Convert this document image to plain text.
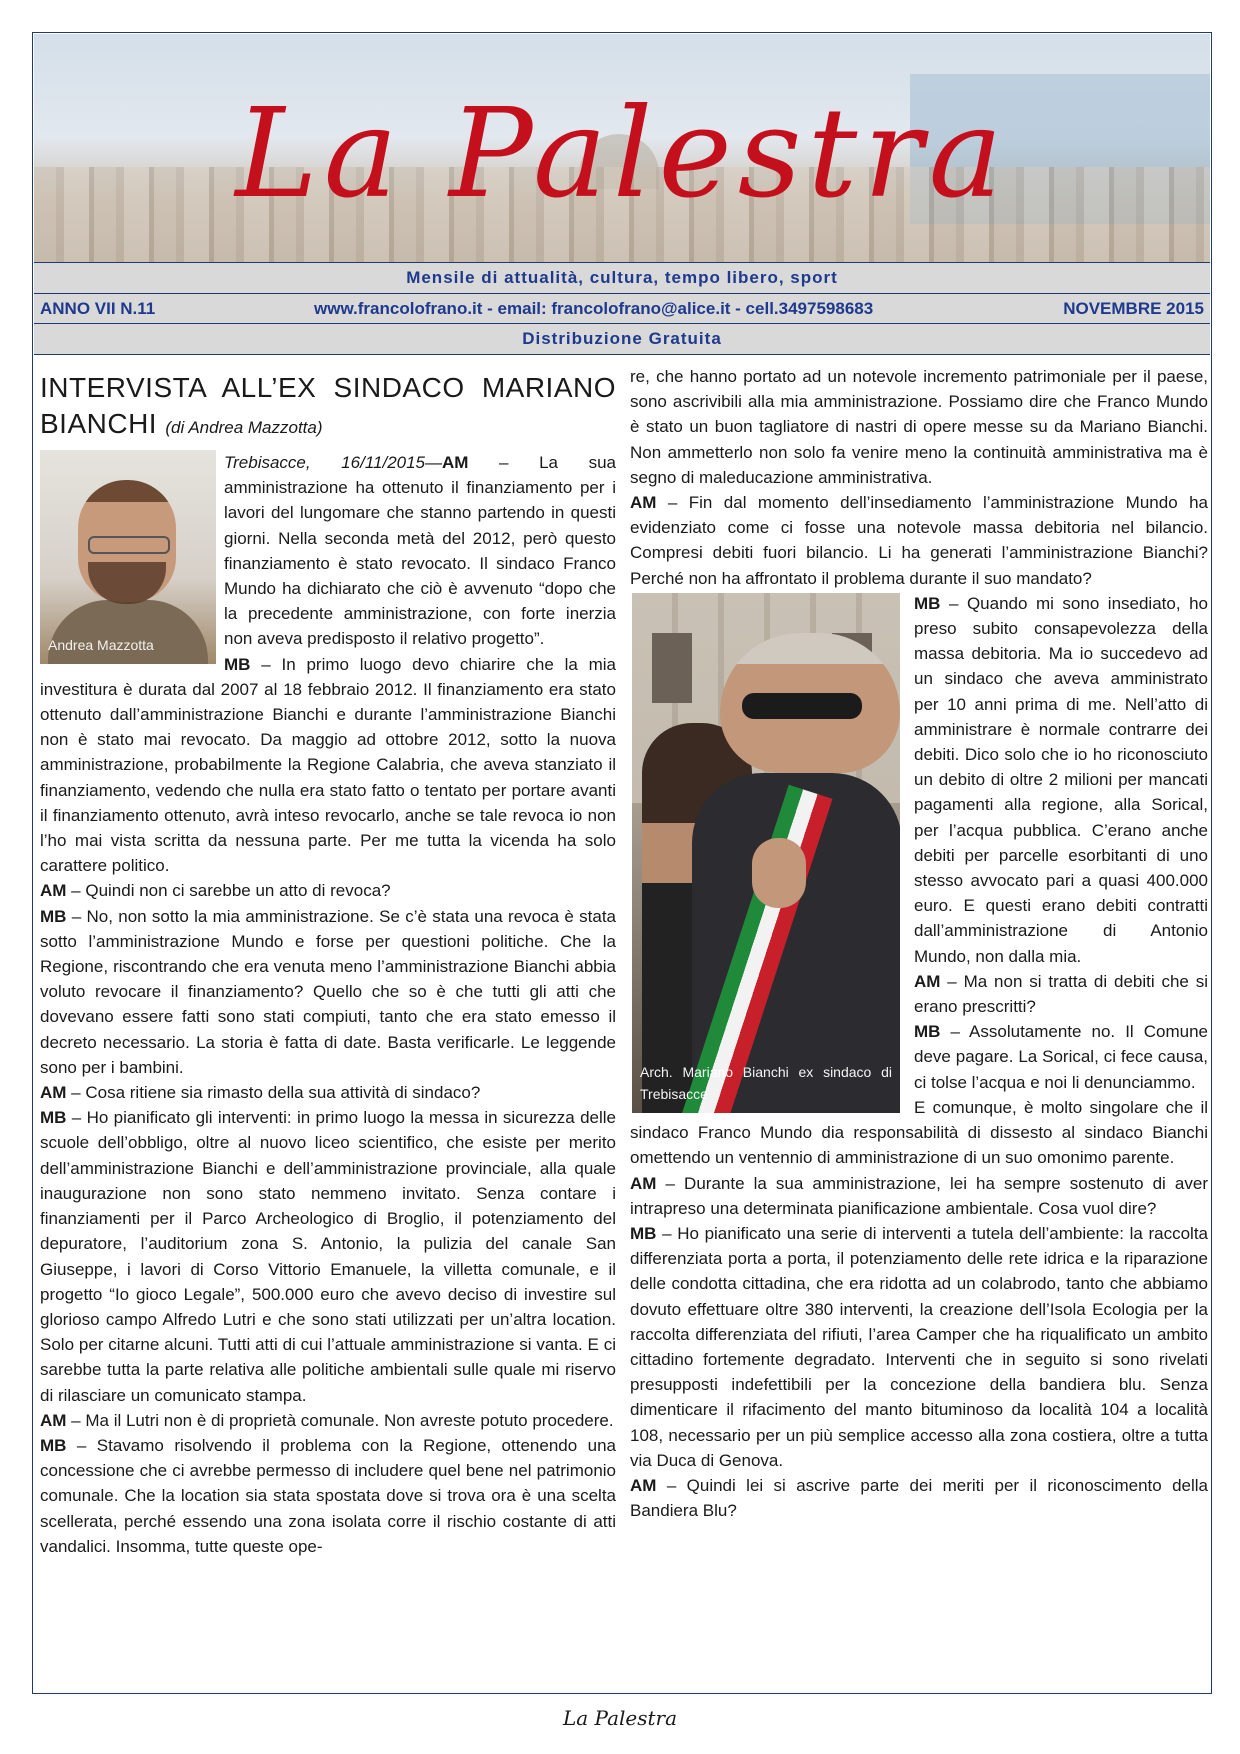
La Palestra
Mensile di attualità, cultura, tempo libero, sport
ANNO VII N.11	www.francolofrano.it - email: francolofrano@alice.it - cell.3497598683	NOVEMBRE 2015
Distribuzione Gratuita
INTERVISTA ALL’EX SINDACO MARIANO BIANCHI (di Andrea Mazzotta)
Andrea Mazzotta

Trebisacce, 16/11/2015—AM – La sua amministrazione ha ottenuto il finanziamento per i lavori del lungomare che stanno partendo in questi giorni. Nella seconda metà del 2012, però questo finanziamento è stato revocato. Il sindaco Franco Mundo ha dichiarato che ciò è avvenuto “dopo che la precedente amministrazione, con forte inerzia non aveva predisposto il relativo progetto”.

MB – In primo luogo devo chiarire che la mia investitura è durata dal 2007 al 18 febbraio 2012. Il finanziamento era stato ottenuto dall’amministrazione Bianchi e durante l’amministrazione Bianchi non è stato mai revocato. Da maggio ad ottobre 2012, sotto la nuova amministrazione, probabilmente la Regione Calabria, che aveva stanziato il finanziamento, vedendo che nulla era stato fatto o tentato per portare avanti il finanziamento ottenuto, avrà inteso revocarlo, anche se tale revoca io non l’ho mai vista scritta da nessuna parte. Per me tutta la vicenda ha solo carattere politico.

AM – Quindi non ci sarebbe un atto di revoca?

MB – No, non sotto la mia amministrazione. Se c’è stata una revoca è stata sotto l’amministrazione Mundo e forse per questioni politiche. Che la Regione, riscontrando che era venuta meno l’amministrazione Bianchi abbia voluto revocare il finanziamento? Quello che so è che tutti gli atti che dovevano essere fatti sono stati compiuti, tanto che era stato emesso il decreto necessario. La storia è fatta di date. Basta verificarle. Le leggende sono per i bambini.

AM – Cosa ritiene sia rimasto della sua attività di sindaco?

MB – Ho pianificato gli interventi: in primo luogo la messa in sicurezza delle scuole dell’obbligo, oltre al nuovo liceo scientifico, che esiste per merito dell’amministrazione Bianchi e dell’amministrazione provinciale, alla quale inaugurazione non sono stato nemmeno invitato. Senza contare i finanziamenti per il Parco Archeologico di Broglio, il potenziamento del depuratore, l’auditorium zona S. Antonio, la pulizia del canale San Giuseppe, i lavori di Corso Vittorio Emanuele, la villetta comunale, e il progetto “Io gioco Legale”, 500.000 euro che avevo deciso di investire sul glorioso campo Alfredo Lutri e che sono stati utilizzati per un’altra location. Solo per citarne alcuni. Tutti atti di cui l’attuale amministrazione si vanta. E ci sarebbe tutta la parte relativa alle politiche ambientali sulle quale mi riservo di rilasciare un comunicato stampa.

AM – Ma il Lutri non è di proprietà comunale. Non avreste potuto procedere.

MB – Stavamo risolvendo il problema con la Regione, ottenendo una concessione che ci avrebbe permesso di includere quel bene nel patrimonio comunale. Che la location sia stata spostata dove si trova ora è una scelta scellerata, perché essendo una zona isolata corre il rischio costante di atti vandalici. Insomma, tutte queste ope-

re, che hanno portato ad un notevole incremento patrimoniale per il paese, sono ascrivibili alla mia amministrazione. Possiamo dire che Franco Mundo è stato un buon tagliatore di nastri di opere messe su da Mariano Bianchi. Non ammetterlo non solo fa venire meno la continuità amministrativa ma è segno di maleducazione amministrativa.

AM – Fin dal momento dell’insediamento l’amministrazione Mundo ha evidenziato come ci fosse una notevole massa debitoria nel bilancio. Compresi debiti fuori bilancio. Li ha generati l’amministrazione Bianchi? Perché non ha affrontato il problema durante il suo mandato?

Arch. Mariano Bianchi ex sindaco di Trebisacce

MB – Quando mi sono insediato, ho preso subito consapevolezza della massa debitoria. Ma io succedevo ad un sindaco che aveva amministrato per 10 anni prima di me. Nell’atto di amministrare è normale contrarre dei debiti. Dico solo che io ho riconosciuto un debito di oltre 2 milioni per mancati pagamenti alla regione, alla Sorical, per l’acqua pubblica. C’erano anche debiti per parcelle esorbitanti di uno stesso avvocato pari a quasi 400.000 euro. E questi erano debiti contratti dall’amministrazione di Antonio Mundo, non dalla mia.

AM – Ma non si tratta di debiti che si erano prescritti?

MB – Assolutamente no. Il Comune deve pagare. La Sorical, ci fece causa, ci tolse l’acqua e noi li denunciammo.

E comunque, è molto singolare che il sindaco Franco Mundo dia responsabilità di dissesto al sindaco Bianchi omettendo un ventennio di amministrazione di un suo omonimo parente.

AM – Durante la sua amministrazione, lei ha sempre sostenuto di aver intrapreso una determinata pianificazione ambientale. Cosa vuol dire?

MB – Ho pianificato una serie di interventi a tutela dell’ambiente: la raccolta differenziata porta a porta, il potenziamento delle rete idrica e la riparazione delle condotta cittadina, che era ridotta ad un colabrodo, tanto che abbiamo dovuto effettuare oltre 380 interventi, la creazione dell’Isola Ecologia per la raccolta differenziata del rifiuti, l’area Camper che ha riqualificato un ambito cittadino fortemente degradato. Interventi che in seguito si sono rivelati presupposti indefettibili per la concezione della bandiera blu. Senza dimenticare il rifacimento del manto bituminoso da località 104 a località 108, necessario per un più semplice accesso alla zona costiera, oltre a tutta via Duca di Genova.

AM – Quindi lei si ascrive parte dei meriti per il riconoscimento della Bandiera Blu?

La Palestra
